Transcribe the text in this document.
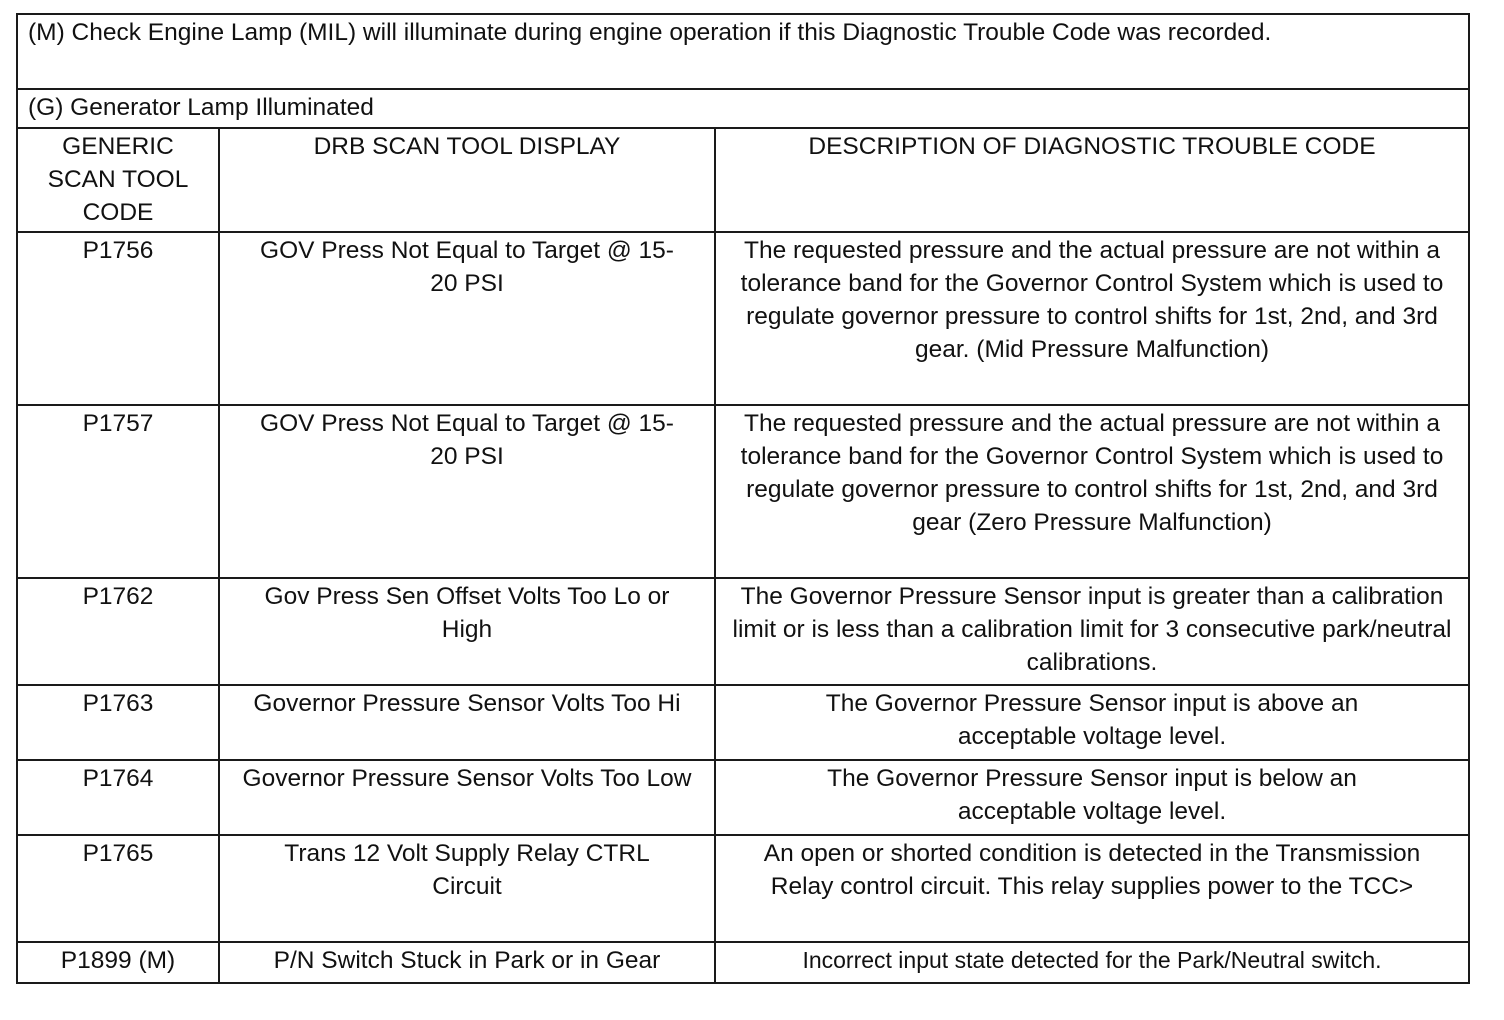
(M) Check Engine Lamp (MIL) will illuminate during engine operation if this Diagnostic Trouble Code was recorded.		
(G) Generator Lamp Illuminated		
GENERIC SCAN TOOL CODE	DRB SCAN TOOL DISPLAY	DESCRIPTION OF DIAGNOSTIC TROUBLE CODE
P1756	GOV Press Not Equal to Target @ 15-20 PSI	The requested pressure and the actual pressure are not within a tolerance band for the Governor Control System which is used to regulate governor pressure to control shifts for 1st, 2nd, and 3rd gear. (Mid Pressure Malfunction)
P1757	GOV Press Not Equal to Target @ 15-20 PSI	The requested pressure and the actual pressure are not within a tolerance band for the Governor Control System which is used to regulate governor pressure to control shifts for 1st, 2nd, and 3rd gear (Zero Pressure Malfunction)
P1762	Gov Press Sen Offset Volts Too Lo or High	The Governor Pressure Sensor input is greater than a calibration limit or is less than a calibration limit for 3 consecutive park/neutral calibrations.
P1763	Governor Pressure Sensor Volts Too Hi	The Governor Pressure Sensor input is above an acceptable voltage level.
P1764	Governor Pressure Sensor Volts Too Low	The Governor Pressure Sensor input is below an acceptable voltage level.
P1765	Trans 12 Volt Supply Relay CTRL Circuit	An open or shorted condition is detected in the Transmission Relay control circuit. This relay supplies power to the TCC>
P1899 (M)	P/N Switch Stuck in Park or in Gear	Incorrect input state detected for the Park/Neutral switch.
